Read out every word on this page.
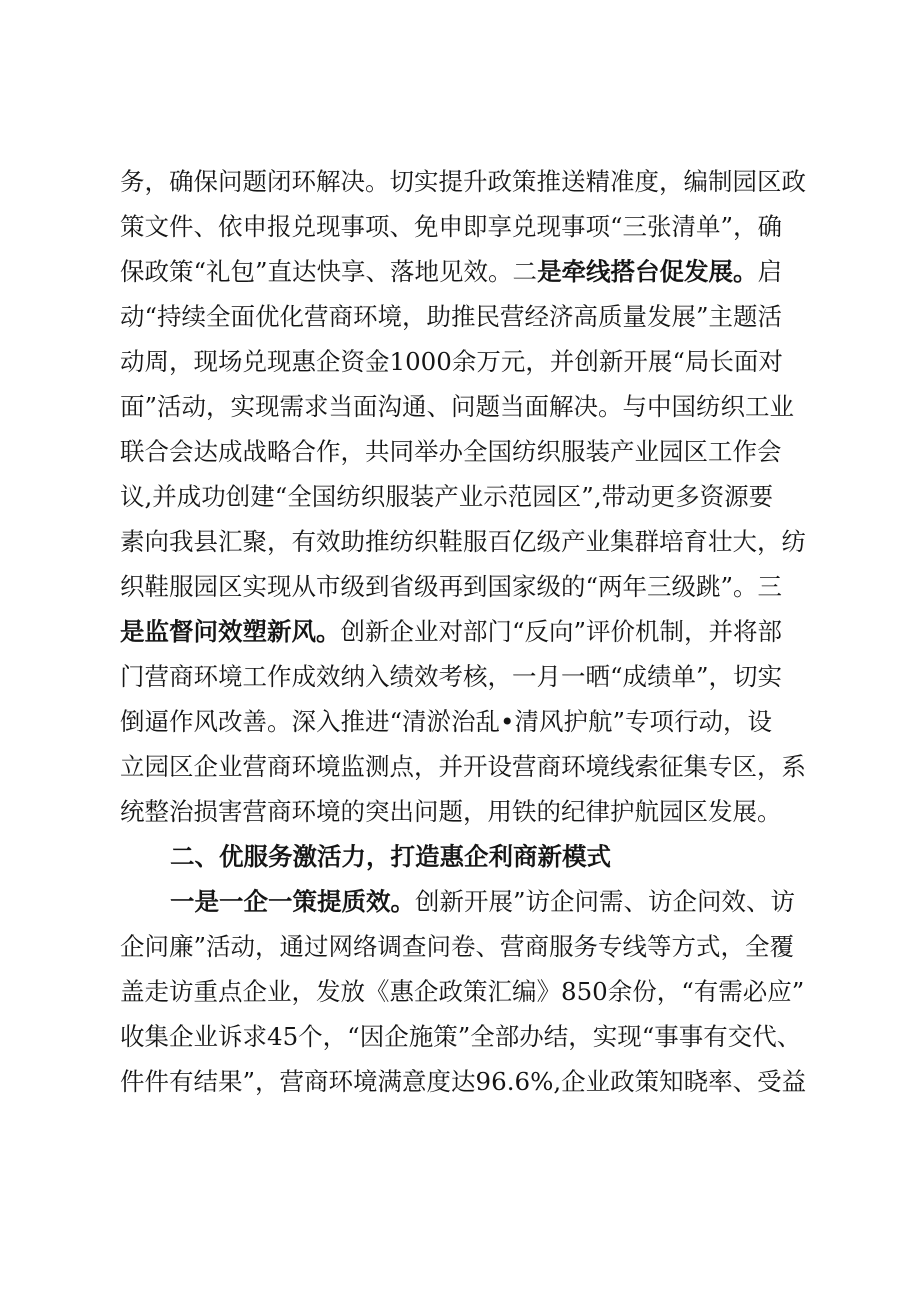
务，确保问题闭环解决。切实提升政策推送精准度，编制园区政
策文件、依申报兑现事项、免申即享兑现事项“三张清单”，确
保政策“礼包”直达快享、落地见效。二是牵线搭台促发展。启
动“持续全面优化营商环境，助推民营经济高质量发展”主题活
动周，现场兑现惠企资金1000余万元，并创新开展“局长面对
面”活动，实现需求当面沟通、问题当面解决。与中国纺织工业
联合会达成战略合作，共同举办全国纺织服装产业园区工作会
议,并成功创建“全国纺织服装产业示范园区”,带动更多资源要
素向我县汇聚，有效助推纺织鞋服百亿级产业集群培育壮大，纺
织鞋服园区实现从市级到省级再到国家级的“两年三级跳”。三
是监督问效塑新风。创新企业对部门“反向”评价机制，并将部
门营商环境工作成效纳入绩效考核，一月一晒“成绩单”，切实
倒逼作风改善。深入推进“清淤治乱•清风护航”专项行动，设
立园区企业营商环境监测点，并开设营商环境线索征集专区，系
统整治损害营商环境的突出问题，用铁的纪律护航园区发展。
二、优服务激活力，打造惠企利商新模式
一是一企一策提质效。创新开展”访企问需、访企问效、访
企问廉”活动，通过网络调查问卷、营商服务专线等方式，全覆
盖走访重点企业，发放《惠企政策汇编》850余份，“有需必应”
收集企业诉求45个，“因企施策”全部办结，实现“事事有交代、
件件有结果”，营商环境满意度达96.6%,企业政策知晓率、受益
